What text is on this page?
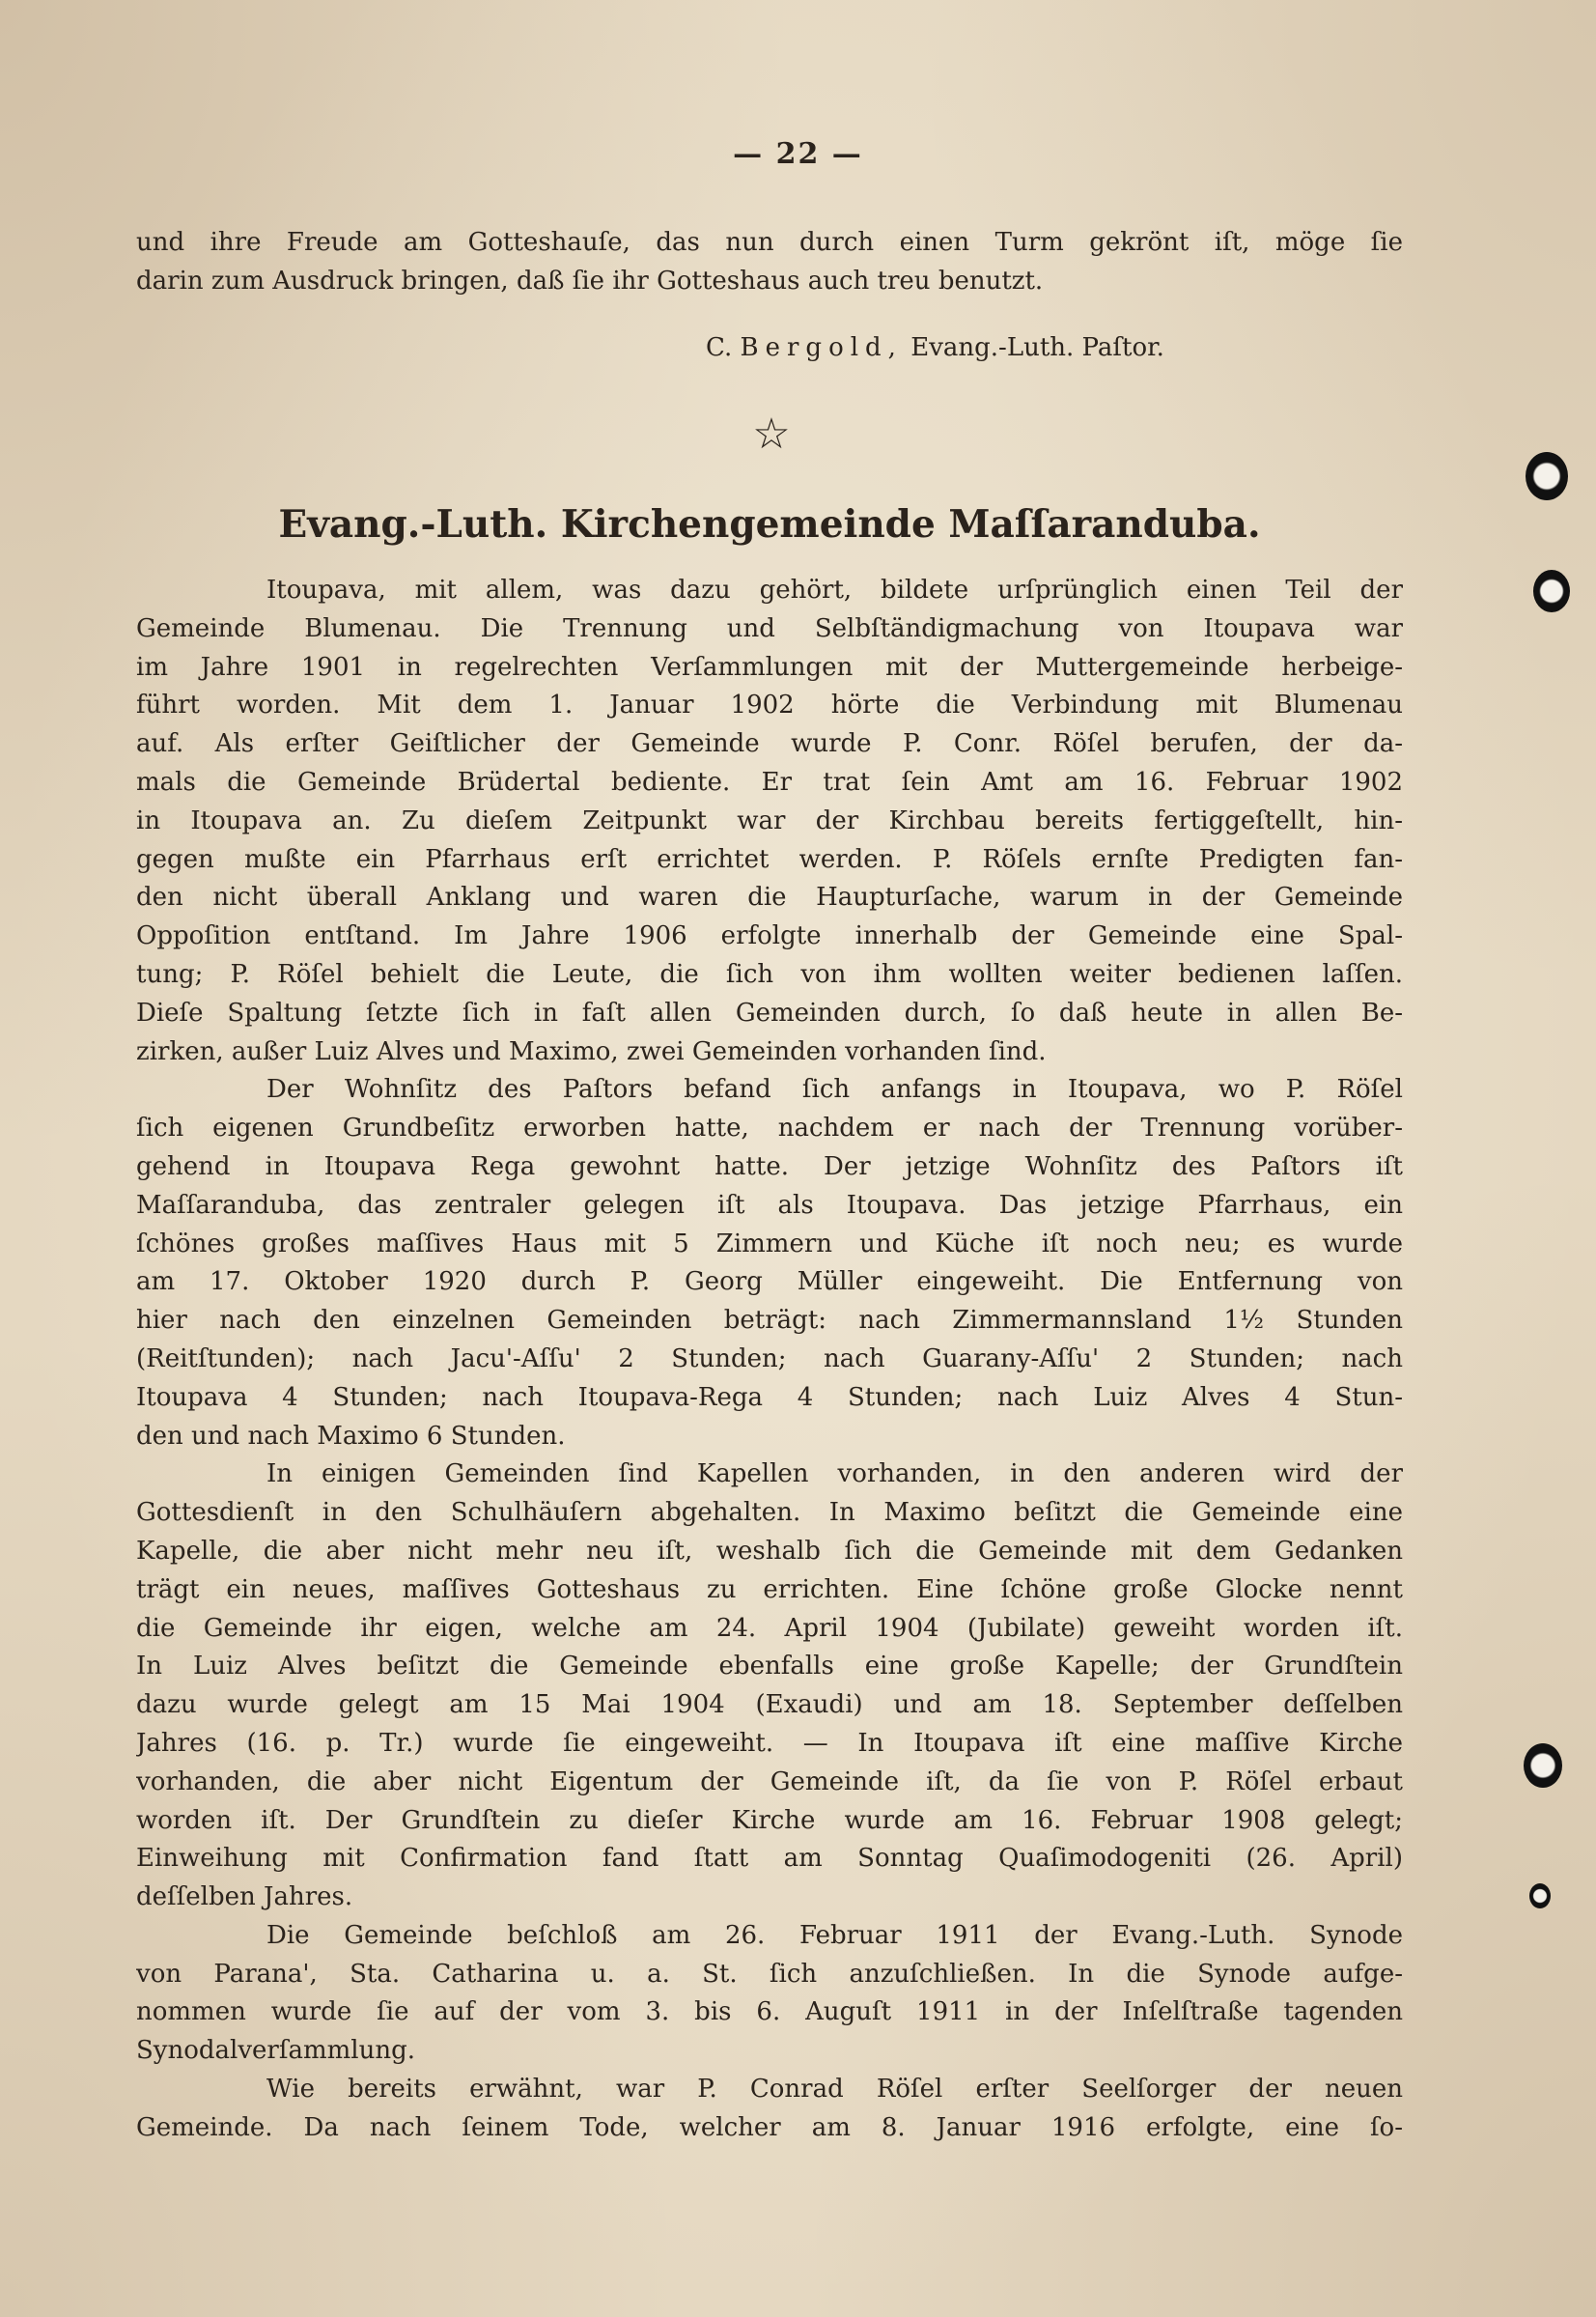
— 22 —
und ihre Freude am Gotteshauſe, das nun durch einen Turm gekrönt iſt, möge ſie
darin zum Ausdruck bringen, daß ſie ihr Gotteshaus auch treu benutzt.
C. Bergold, Evang.-Luth. Paſtor.
☆
Evang.-Luth. Kirchengemeinde Maſſaranduba.
Itoupava, mit allem, was dazu gehört, bildete urſprünglich einen Teil der
Gemeinde Blumenau. Die Trennung und Selbſtändigmachung von Itoupava war
im Jahre 1901 in regelrechten Verſammlungen mit der Muttergemeinde herbeige-
führt worden. Mit dem 1. Januar 1902 hörte die Verbindung mit Blumenau
auf. Als erſter Geiſtlicher der Gemeinde wurde P. Conr. Röſel berufen, der da-
mals die Gemeinde Brüdertal bediente. Er trat ſein Amt am 16. Februar 1902
in Itoupava an. Zu dieſem Zeitpunkt war der Kirchbau bereits fertiggeſtellt, hin-
gegen mußte ein Pfarrhaus erſt errichtet werden. P. Röſels ernſte Predigten fan-
den nicht überall Anklang und waren die Haupturſache, warum in der Gemeinde
Oppoſition entſtand. Im Jahre 1906 erfolgte innerhalb der Gemeinde eine Spal-
tung; P. Röſel behielt die Leute, die ſich von ihm wollten weiter bedienen laſſen.
Dieſe Spaltung ſetzte ſich in faſt allen Gemeinden durch, ſo daß heute in allen Be-
zirken, außer Luiz Alves und Maximo, zwei Gemeinden vorhanden ſind.
Der Wohnſitz des Paſtors befand ſich anfangs in Itoupava, wo P. Röſel
ſich eigenen Grundbeſitz erworben hatte, nachdem er nach der Trennung vorüber-
gehend in Itoupava Rega gewohnt hatte. Der jetzige Wohnſitz des Paſtors iſt
Maſſaranduba, das zentraler gelegen iſt als Itoupava. Das jetzige Pfarrhaus, ein
ſchönes großes maſſives Haus mit 5 Zimmern und Küche iſt noch neu; es wurde
am 17. Oktober 1920 durch P. Georg Müller eingeweiht. Die Entfernung von
hier nach den einzelnen Gemeinden beträgt: nach Zimmermannsland 1½ Stunden
(Reitſtunden); nach Jacu'-Aſſu' 2 Stunden; nach Guarany-Aſſu' 2 Stunden; nach
Itoupava 4 Stunden; nach Itoupava-Rega 4 Stunden; nach Luiz Alves 4 Stun-
den und nach Maximo 6 Stunden.
In einigen Gemeinden ſind Kapellen vorhanden, in den anderen wird der
Gottesdienſt in den Schulhäuſern abgehalten. In Maximo beſitzt die Gemeinde eine
Kapelle, die aber nicht mehr neu iſt, weshalb ſich die Gemeinde mit dem Gedanken
trägt ein neues, maſſives Gotteshaus zu errichten. Eine ſchöne große Glocke nennt
die Gemeinde ihr eigen, welche am 24. April 1904 (Jubilate) geweiht worden iſt.
In Luiz Alves beſitzt die Gemeinde ebenfalls eine große Kapelle; der Grundſtein
dazu wurde gelegt am 15 Mai 1904 (Exaudi) und am 18. September deſſelben
Jahres (16. p. Tr.) wurde ſie eingeweiht. — In Itoupava iſt eine maſſive Kirche
vorhanden, die aber nicht Eigentum der Gemeinde iſt, da ſie von P. Röſel erbaut
worden iſt. Der Grundſtein zu dieſer Kirche wurde am 16. Februar 1908 gelegt;
Einweihung mit Confirmation fand ſtatt am Sonntag Quaſimodogeniti (26. April)
deſſelben Jahres.
Die Gemeinde beſchloß am 26. Februar 1911 der Evang.-Luth. Synode
von Parana', Sta. Catharina u. a. St. ſich anzuſchließen. In die Synode aufge-
nommen wurde ſie auf der vom 3. bis 6. Auguſt 1911 in der Inſelſtraße tagenden
Synodalverſammlung.
Wie bereits erwähnt, war P. Conrad Röſel erſter Seelſorger der neuen
Gemeinde. Da nach ſeinem Tode, welcher am 8. Januar 1916 erfolgte, eine ſo-
